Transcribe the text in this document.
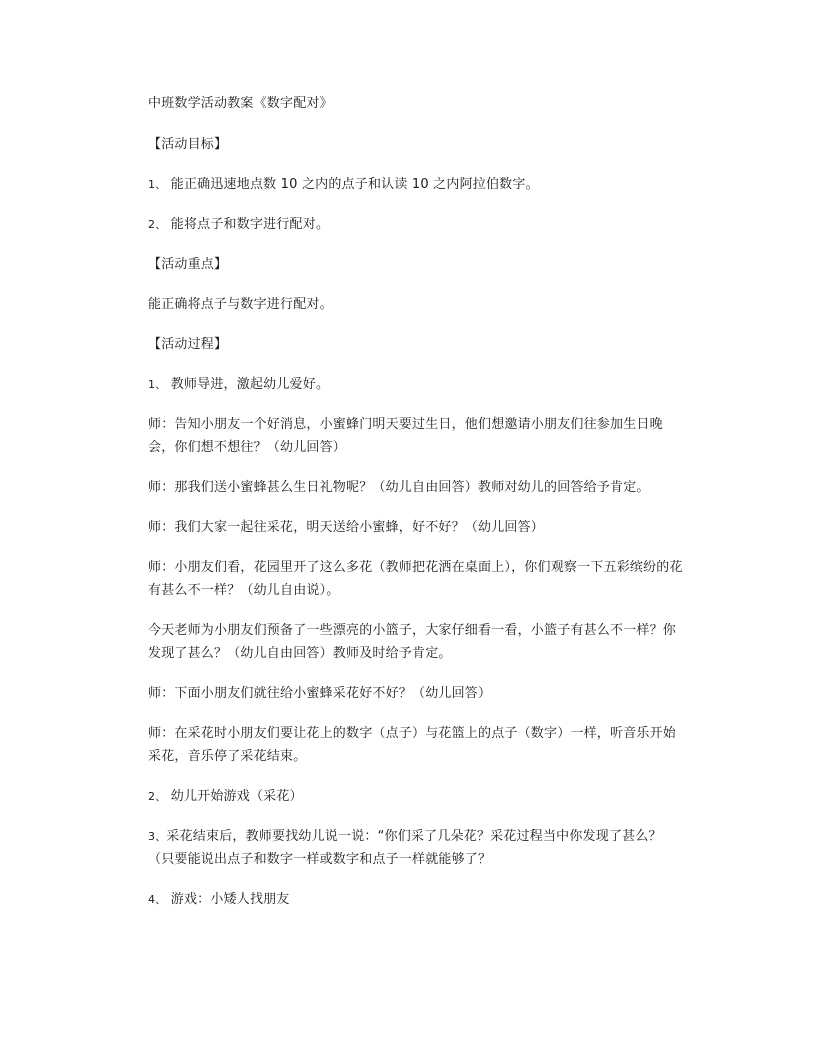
中班数学活动教案《数字配对》

【活动目标】

1、 能正确迅速地点数 10 之内的点子和认读 10 之内阿拉伯数字。

2、 能将点子和数字进行配对。

【活动重点】

能正确将点子与数字进行配对。

【活动过程】

1、 教师导进，激起幼儿爱好。

师：告知小朋友一个好消息，小蜜蜂门明天要过生日，他们想邀请小朋友们往参加生日晚会，你们想不想往？（幼儿回答）

师：那我们送小蜜蜂甚么生日礼物呢？（幼儿自由回答）教师对幼儿的回答给予肯定。

师：我们大家一起往采花，明天送给小蜜蜂，好不好？（幼儿回答）

师：小朋友们看，花园里开了这么多花（教师把花洒在桌面上），你们观察一下五彩缤纷的花有甚么不一样？（幼儿自由说）。

今天老师为小朋友们预备了一些漂亮的小篮子，大家仔细看一看，小篮子有甚么不一样？你发现了甚么？（幼儿自由回答）教师及时给予肯定。

师：下面小朋友们就往给小蜜蜂采花好不好？（幼儿回答）

师：在采花时小朋友们要让花上的数字（点子）与花篮上的点子（数字）一样，听音乐开始采花，音乐停了采花结束。

2、 幼儿开始游戏（采花）

3、采花结束后，教师要找幼儿说一说：“你们采了几朵花？采花过程当中你发现了甚么？（只要能说出点子和数字一样或数字和点子一样就能够了？

4、 游戏：小矮人找朋友
